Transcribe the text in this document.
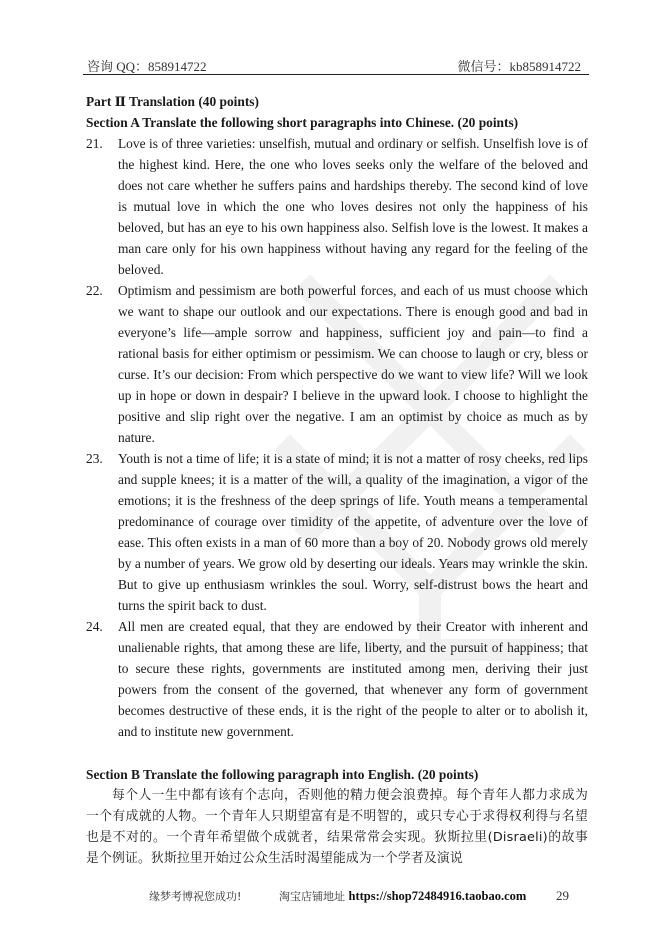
咨询 QQ：858914722	微信号：kb858914722
Part Ⅱ Translation (40 points)
Section A Translate the following short paragraphs into Chinese. (20 points)
21. Love is of three varieties: unselfish, mutual and ordinary or selfish. Unselfish love is of the highest kind. Here, the one who loves seeks only the welfare of the beloved and does not care whether he suffers pains and hardships thereby. The second kind of love is mutual love in which the one who loves desires not only the happiness of his beloved, but has an eye to his own happiness also. Selfish love is the lowest. It makes a man care only for his own happiness without having any regard for the feeling of the beloved.

22. Optimism and pessimism are both powerful forces, and each of us must choose which we want to shape our outlook and our expectations. There is enough good and bad in everyone’s life—ample sorrow and happiness, sufficient joy and pain—to find a rational basis for either optimism or pessimism. We can choose to laugh or cry, bless or curse. It’s our decision: From which perspective do we want to view life? Will we look up in hope or down in despair? I believe in the upward look. I choose to highlight the positive and slip right over the negative. I am an optimist by choice as much as by nature.

23. Youth is not a time of life; it is a state of mind; it is not a matter of rosy cheeks, red lips and supple knees; it is a matter of the will, a quality of the imagination, a vigor of the emotions; it is the freshness of the deep springs of life. Youth means a temperamental predominance of courage over timidity of the appetite, of adventure over the love of ease. This often exists in a man of 60 more than a boy of 20. Nobody grows old merely by a number of years. We grow old by deserting our ideals. Years may wrinkle the skin. But to give up enthusiasm wrinkles the soul. Worry, self-distrust bows the heart and turns the spirit back to dust.

24. All men are created equal, that they are endowed by their Creator with inherent and unalienable rights, that among these are life, liberty, and the pursuit of happiness; that to secure these rights, governments are instituted among men, deriving their just powers from the consent of the governed, that whenever any form of government becomes destructive of these ends, it is the right of the people to alter or to abolish it, and to institute new government.

Section B Translate the following paragraph into English. (20 points)

每个人一生中都有该有个志向，否则他的精力便会浪费掉。每个青年人都力求成为一个有成就的人物。一个青年人只期望富有是不明智的，或只专心于求得权利得与名望也是不对的。一个青年希望做个成就者，结果常常会实现。狄斯拉里(Disraeli)的故事是个例证。狄斯拉里开始过公众生活时渴望能成为一个学者及演说

缘梦考博祝您成功!	淘宝店铺地址 https://shop72484916.taobao.com 29
